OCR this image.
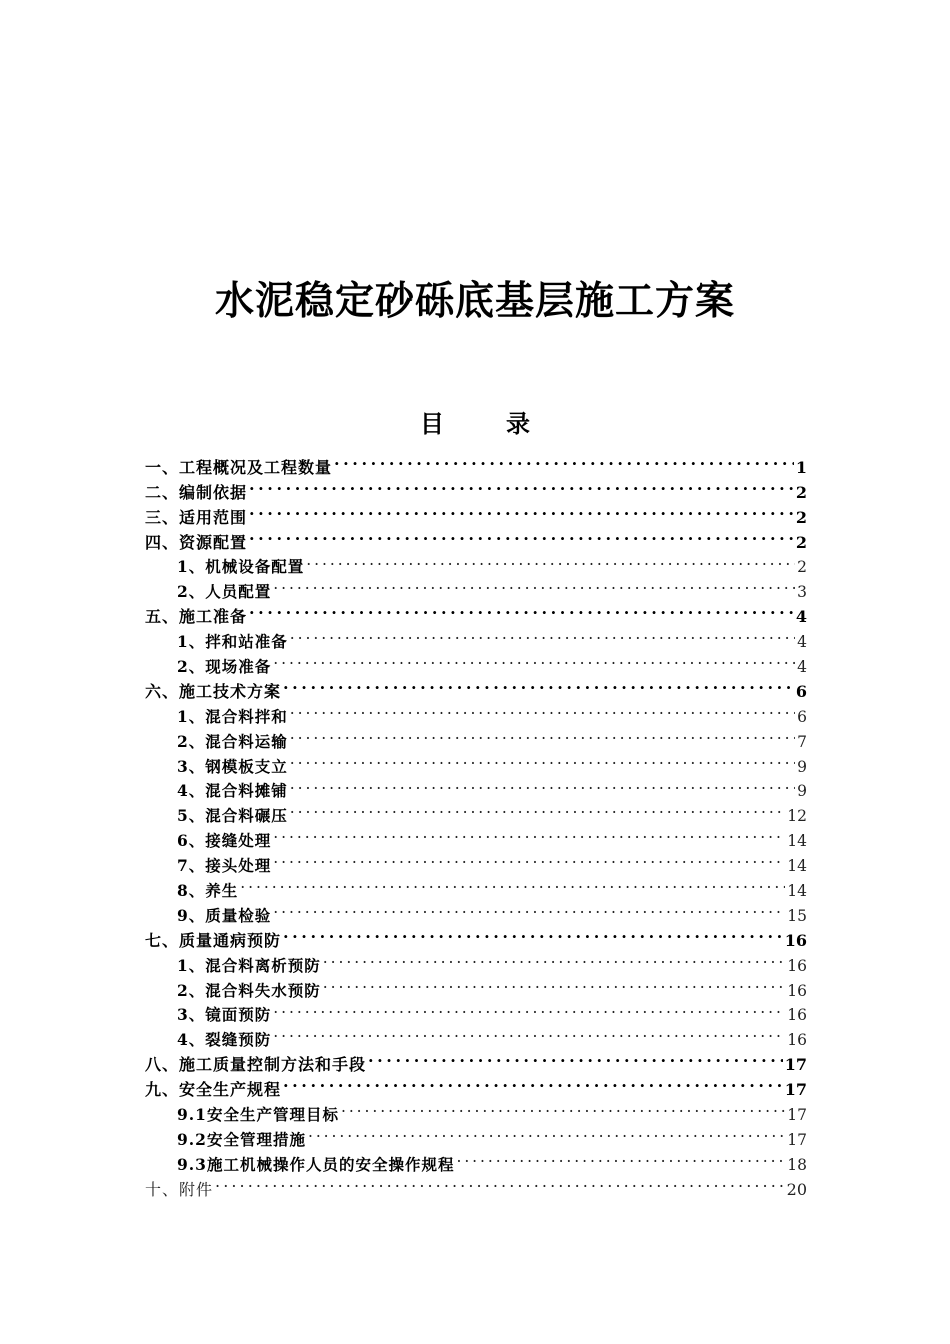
水泥稳定砂砾底基层施工方案
目	录
一、工程概况及工程数量 . . .	1
二、编制依据 . . .	2
三、适用范围 . . .	2
四、资源配置 . . .	2
1、机械设备配置 . . .	2
2、人员配置 . . .	3
五、施工准备 . . .	4
1、拌和站准备 . . .	4
2、现场准备 . . .	4
六、施工技术方案 . . .	6
1、混合料拌和 . . .	6
2、混合料运输 . . .	7
3、钢模板支立 . . .	9
4、混合料摊铺 . . .	9
5、混合料碾压 . . .	12
6、接缝处理 . . .	14
7、接头处理 . . .	14
8、养生 . . .	14
9、质量检验 . . .	15
七、质量通病预防 . . .	16
1、混合料离析预防 . . .	16
2、混合料失水预防 . . .	16
3、镜面预防 . . .	16
4、裂缝预防 . . .	16
八、施工质量控制方法和手段 . . .	17
九、安全生产规程 . . .	17
9.1安全生产管理目标 . . .	17
9.2安全管理措施 . . .	17
9.3施工机械操作人员的安全操作规程 . . .	18
十、附件 . . .	20
